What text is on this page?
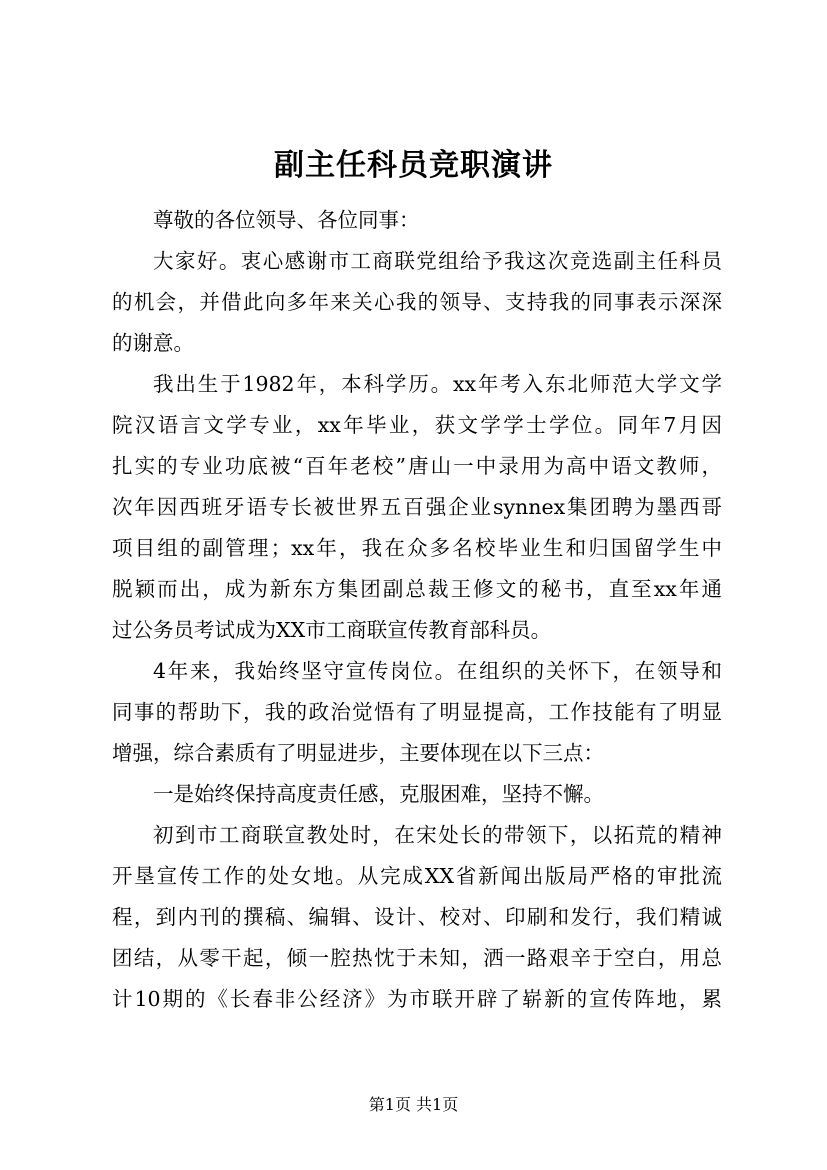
副主任科员竞职演讲
尊敬的各位领导、各位同事：
大家好。衷心感谢市工商联党组给予我这次竞选副主任科员
的机会，并借此向多年来关心我的领导、支持我的同事表示深深
的谢意。
我出生于1982年，本科学历。xx年考入东北师范大学文学
院汉语言文学专业，xx年毕业，获文学学士学位。同年7月因
扎实的专业功底被“百年老校”唐山一中录用为高中语文教师，
次年因西班牙语专长被世界五百强企业synnex集团聘为墨西哥
项目组的副管理；xx年，我在众多名校毕业生和归国留学生中
脱颖而出，成为新东方集团副总裁王修文的秘书，直至xx年通
过公务员考试成为XX市工商联宣传教育部科员。
4年来，我始终坚守宣传岗位。在组织的关怀下，在领导和
同事的帮助下，我的政治觉悟有了明显提高，工作技能有了明显
增强，综合素质有了明显进步，主要体现在以下三点：
一是始终保持高度责任感，克服困难，坚持不懈。
初到市工商联宣教处时，在宋处长的带领下，以拓荒的精神
开垦宣传工作的处女地。从完成XX省新闻出版局严格的审批流
程，到内刊的撰稿、编辑、设计、校对、印刷和发行，我们精诚
团结，从零干起，倾一腔热忱于未知，洒一路艰辛于空白，用总
计10期的《长春非公经济》为市联开辟了崭新的宣传阵地，累
第1页 共1页
